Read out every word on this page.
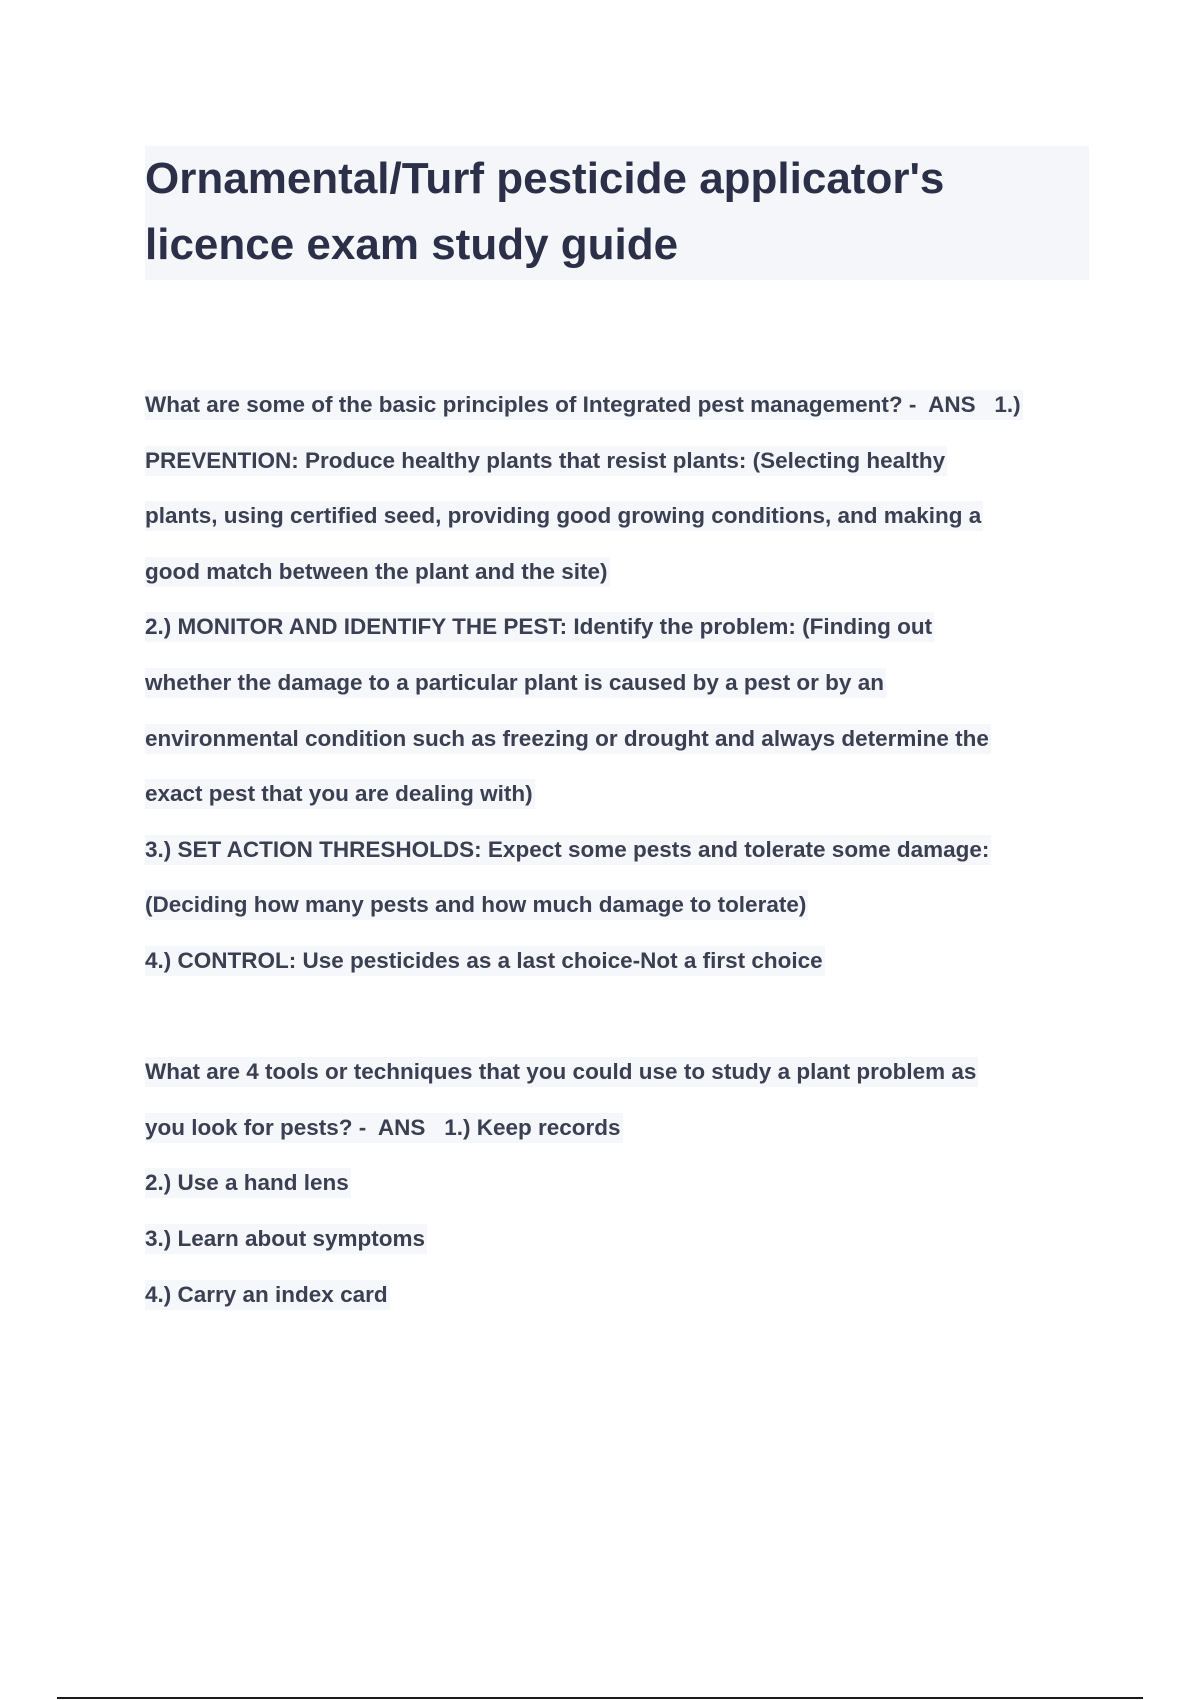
Ornamental/Turf pesticide applicator's
licence exam study guide
What are some of the basic principles of Integrated pest management? -  ANS   1.)
PREVENTION: Produce healthy plants that resist plants: (Selecting healthy
plants, using certified seed, providing good growing conditions, and making a
good match between the plant and the site)
2.) MONITOR AND IDENTIFY THE PEST: Identify the problem: (Finding out
whether the damage to a particular plant is caused by a pest or by an
environmental condition such as freezing or drought and always determine the
exact pest that you are dealing with)
3.) SET ACTION THRESHOLDS: Expect some pests and tolerate some damage:
(Deciding how many pests and how much damage to tolerate)
4.) CONTROL: Use pesticides as a last choice-Not a first choice
What are 4 tools or techniques that you could use to study a plant problem as
you look for pests? -  ANS   1.) Keep records
2.) Use a hand lens
3.) Learn about symptoms
4.) Carry an index card
